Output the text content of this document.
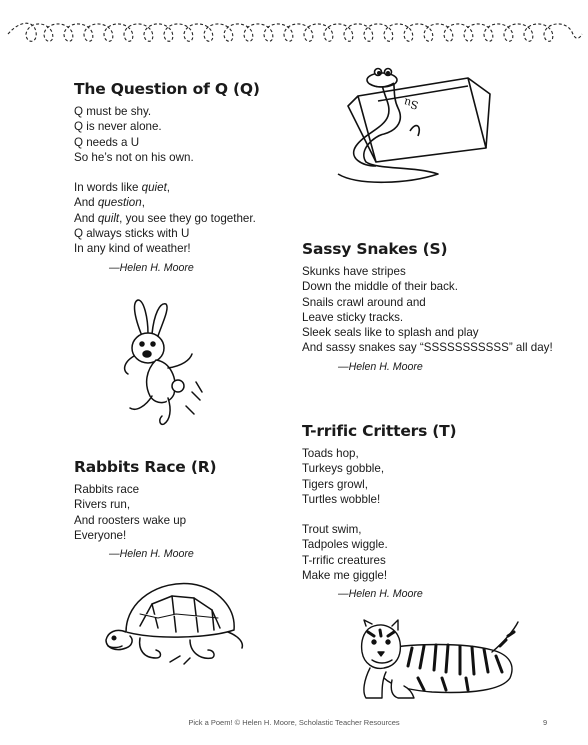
The Question of Q (Q)
Q must be shy.
Q is never alone.
Q needs a U
So he’s not on his own.
In words like quiet,
And question,
And quilt, you see they go together.
Q always sticks with U
In any kind of weather!
—Helen H. Moore
Su
Sassy Snakes (S)
Skunks have stripes
Down the middle of their back.
Snails crawl around and
Leave sticky tracks.
Sleek seals like to splash and play
And sassy snakes say “SSSSSSSSSSS” all day!
—Helen H. Moore
T-rrific Critters (T)
Toads hop,
Turkeys gobble,
Tigers growl,
Turtles wobble!
Trout swim,
Tadpoles wiggle.
T-rrific creatures
Make me giggle!
—Helen H. Moore
Rabbits Race (R)
Rabbits race
Rivers run,
And roosters wake up
Everyone!
—Helen H. Moore
Pick a Poem! © Helen H. Moore, Scholastic Teacher Resources	9
